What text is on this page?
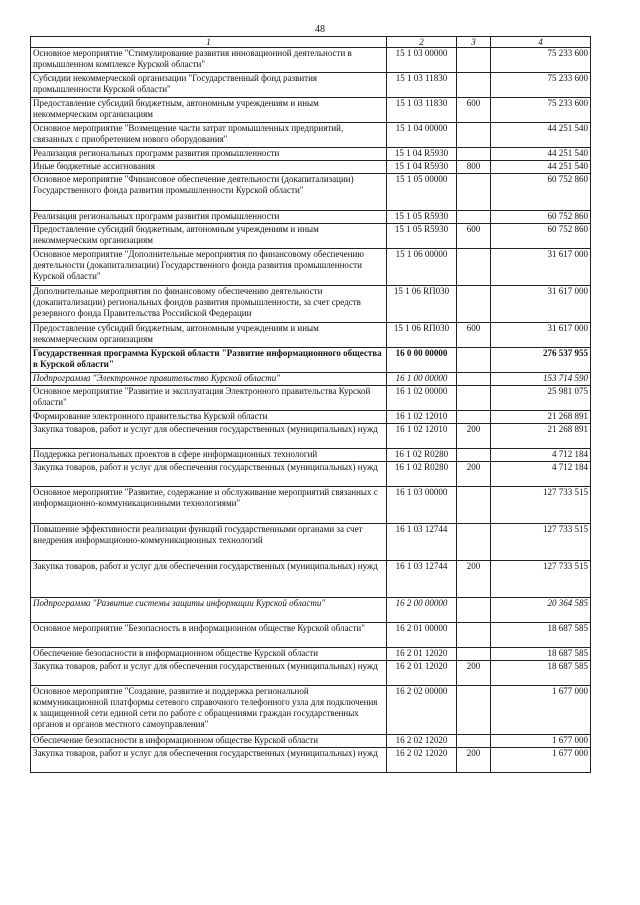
48
1	2	3	4
Основное мероприятие "Стимулирование развития инновационной деятельности в промышленном комплексе Курской области"	15 1 03 00000		75 233 600
Субсидии некоммерческой организации "Государственный фонд развития промышленности Курской области"	15 1 03 11830		75 233 600
Предоставление субсидий бюджетным, автономным учреждениям и иным некоммерческим организациям	15 1 03 11830	600	75 233 600
Основное мероприятие "Возмещение части затрат промышленных предприятий, связанных с приобретением нового оборудования"	15 1 04 00000		44 251 540
Реализация региональных программ развития промышленности	15 1 04 R5930		44 251 540
Иные бюджетные ассигнования	15 1 04 R5930	800	44 251 540
Основное мероприятие "Финансовое обеспечение деятельности (докапитализации) Государственного фонда развития промышленности Курской области"	15 1 05 00000		60 752 860
Реализация региональных программ развития промышленности	15 1 05 R5930		60 752 860
Предоставление субсидий бюджетным, автономным учреждениям и иным некоммерческим организациям	15 1 05 R5930	600	60 752 860
Основное мероприятие "Дополнительные мероприятия по финансовому обеспечению деятельности (докапитализации) Государственного фонда развития промышленности Курской области"	15 1 06 00000		31 617 000
Дополнительные мероприятия по финансовому обеспечению деятельности (докапитализации) региональных фондов развития промышленности, за счет средств резервного фонда Правительства Российской Федерации	15 1 06 RП030		31 617 000
Предоставление субсидий бюджетным, автономным учреждениям и иным некоммерческим организациям	15 1 06 RП030	600	31 617 000
Государственная программа Курской области "Развитие информационного общества в Курской области"	16 0 00 00000		276 537 955
Подпрограмма "Электронное правительство Курской области"	16 1 00 00000		153 714 590
Основное мероприятие "Развитие и эксплуатация Электронного правительства Курской области"	16 1 02 00000		25 981 075
Формирование электронного правительства Курской области	16 1 02 12010		21 268 891
Закупка товаров, работ и услуг для обеспечения государственных (муниципальных) нужд	16 1 02 12010	200	21 268 891
Поддержка региональных проектов в сфере информационных технологий	16 1 02 R0280		4 712 184
Закупка товаров, работ и услуг для обеспечения государственных (муниципальных) нужд	16 1 02 R0280	200	4 712 184
Основное мероприятие "Развитие, содержание и обслуживание мероприятий связанных с информационно-коммуникационными технологиями"	16 1 03 00000		127 733 515
Повышение эффективности реализации функций государственными органами за счет внедрения информационно-коммуникационных технологий	16 1 03 12744		127 733 515
Закупка товаров, работ и услуг для обеспечения государственных (муниципальных) нужд	16 1 03 12744	200	127 733 515
Подпрограмма "Развитие системы защиты информации Курской области"	16 2 00 00000		20 364 585
Основное мероприятие "Безопасность в информационном обществе Курской области"	16 2 01 00000		18 687 585
Обеспечение безопасности в информационном обществе Курской области	16 2 01 12020		18 687 585
Закупка товаров, работ и услуг для обеспечения государственных (муниципальных) нужд	16 2 01 12020	200	18 687 585
Основное мероприятие "Создание, развитие и поддержка региональной коммуникационной платформы сетевого справочного телефонного узла для подключения к защищенной сети единой сети по работе с обращениями граждан государственных органов и органов местного самоуправления"	16 2 02 00000		1 677 000
Обеспечение безопасности в информационном обществе Курской области	16 2 02 12020		1 677 000
Закупка товаров, работ и услуг для обеспечения государственных (муниципальных) нужд	16 2 02 12020	200	1 677 000
